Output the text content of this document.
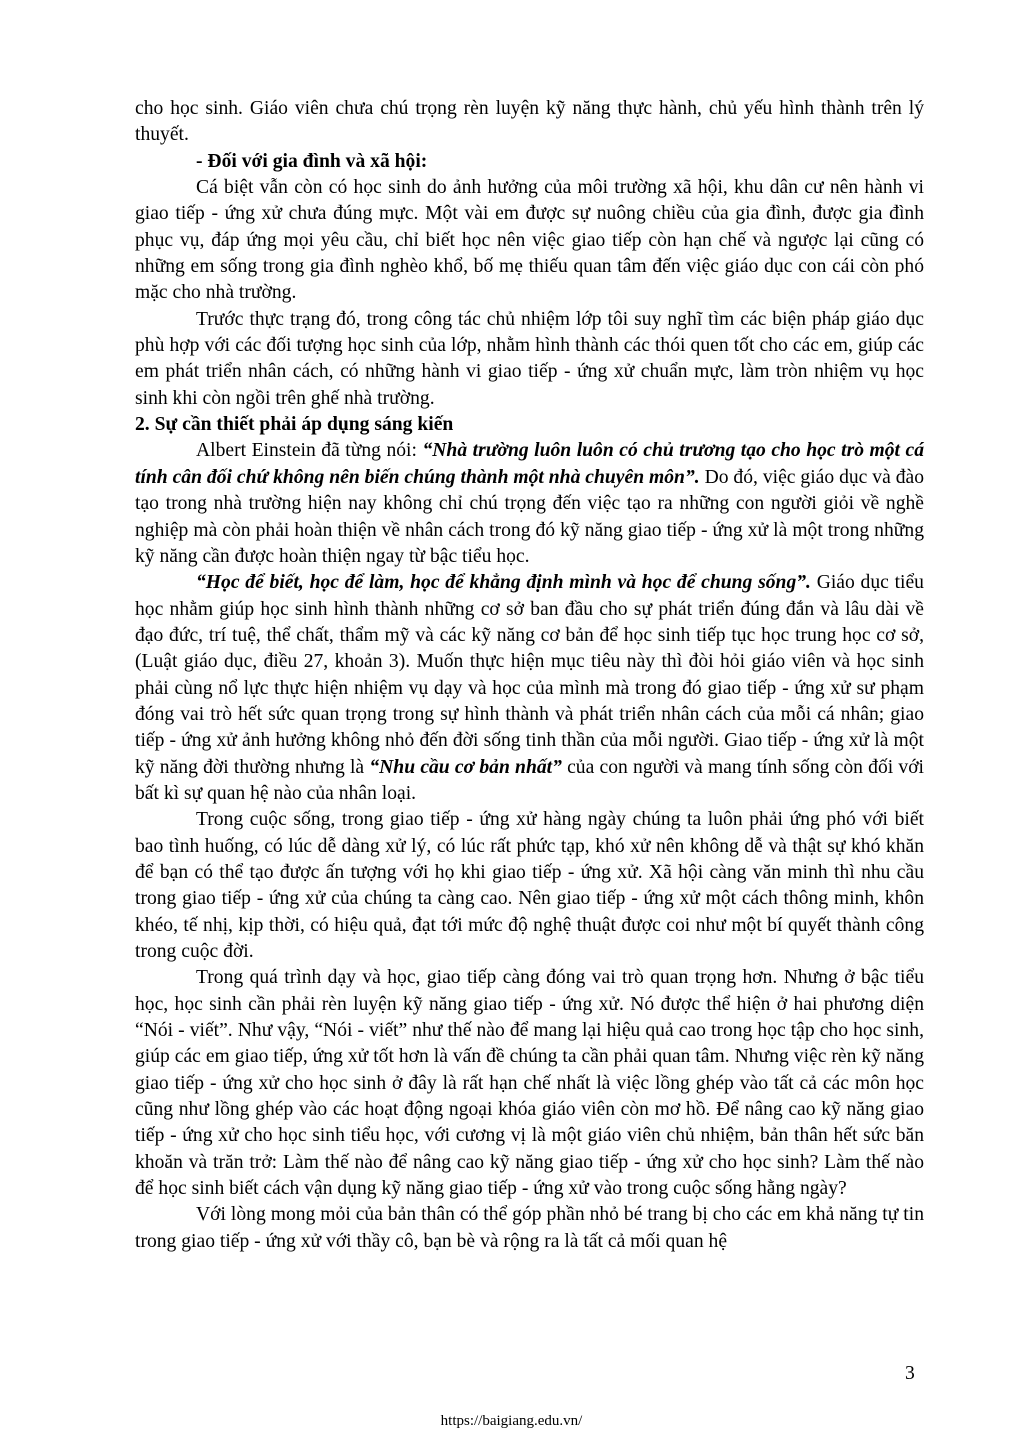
cho học sinh. Giáo viên chưa chú trọng rèn luyện kỹ năng thực hành, chủ yếu hình thành trên lý thuyết.

- Đối với gia đình và xã hội:

Cá biệt vẫn còn có học sinh do ảnh hưởng của môi trường xã hội, khu dân cư nên hành vi giao tiếp - ứng xử chưa đúng mực. Một vài em được sự nuông chiều của gia đình, được gia đình phục vụ, đáp ứng mọi yêu cầu, chỉ biết học nên việc giao tiếp còn hạn chế và ngược lại cũng có những em sống trong gia đình nghèo khổ, bố mẹ thiếu quan tâm đến việc giáo dục con cái còn phó mặc cho nhà trường.

Trước thực trạng đó, trong công tác chủ nhiệm lớp tôi suy nghĩ tìm các biện pháp giáo dục phù hợp với các đối tượng học sinh của lớp, nhằm hình thành các thói quen tốt cho các em, giúp các em phát triển nhân cách, có những hành vi giao tiếp - ứng xử chuẩn mực, làm tròn nhiệm vụ học sinh khi còn ngồi trên ghế nhà trường.

2. Sự cần thiết phải áp dụng sáng kiến

Albert Einstein đã từng nói: “Nhà trường luôn luôn có chủ trương tạo cho học trò một cá tính cân đối chứ không nên biến chúng thành một nhà chuyên môn”. Do đó, việc giáo dục và đào tạo trong nhà trường hiện nay không chỉ chú trọng đến việc tạo ra những con người giỏi về nghề nghiệp mà còn phải hoàn thiện về nhân cách trong đó kỹ năng giao tiếp - ứng xử là một trong những kỹ năng cần được hoàn thiện ngay từ bậc tiểu học.

“Học để biết, học để làm, học để khẳng định mình và học để chung sống”. Giáo dục tiểu học nhằm giúp học sinh hình thành những cơ sở ban đầu cho sự phát triển đúng đắn và lâu dài về đạo đức, trí tuệ, thể chất, thẩm mỹ và các kỹ năng cơ bản để học sinh tiếp tục học trung học cơ sở, (Luật giáo dục, điều 27, khoản 3). Muốn thực hiện mục tiêu này thì đòi hỏi giáo viên và học sinh phải cùng nổ lực thực hiện nhiệm vụ dạy và học của mình mà trong đó giao tiếp - ứng xử sư phạm đóng vai trò hết sức quan trọng trong sự hình thành và phát triển nhân cách của mỗi cá nhân; giao tiếp - ứng xử ảnh hưởng không nhỏ đến đời sống tinh thần của mỗi người. Giao tiếp - ứng xử là một kỹ năng đời thường nhưng là “Nhu cầu cơ bản nhất” của con người và mang tính sống còn đối với bất kì sự quan hệ nào của nhân loại.

Trong cuộc sống, trong giao tiếp - ứng xử hàng ngày chúng ta luôn phải ứng phó với biết bao tình huống, có lúc dễ dàng xử lý, có lúc rất phức tạp, khó xử nên không dễ và thật sự khó khăn để bạn có thể tạo được ấn tượng với họ khi giao tiếp - ứng xử. Xã hội càng văn minh thì nhu cầu trong giao tiếp - ứng xử của chúng ta càng cao. Nên giao tiếp - ứng xử một cách thông minh, khôn khéo, tế nhị, kịp thời, có hiệu quả, đạt tới mức độ nghệ thuật được coi như một bí quyết thành công trong cuộc đời.

Trong quá trình dạy và học, giao tiếp càng đóng vai trò quan trọng hơn. Nhưng ở bậc tiểu học, học sinh cần phải rèn luyện kỹ năng giao tiếp - ứng xử. Nó được thể hiện ở hai phương diện “Nói - viết”. Như vậy, “Nói - viết” như thế nào để mang lại hiệu quả cao trong học tập cho học sinh, giúp các em giao tiếp, ứng xử tốt hơn là vấn đề chúng ta cần phải quan tâm. Nhưng việc rèn kỹ năng giao tiếp - ứng xử cho học sinh ở đây là rất hạn chế nhất là việc lồng ghép vào tất cả các môn học cũng như lồng ghép vào các hoạt động ngoại khóa giáo viên còn mơ hồ. Để nâng cao kỹ năng giao tiếp - ứng xử cho học sinh tiểu học, với cương vị là một giáo viên chủ nhiệm, bản thân hết sức băn khoăn và trăn trở: Làm thế nào để nâng cao kỹ năng giao tiếp - ứng xử cho học sinh? Làm thế nào để học sinh biết cách vận dụng kỹ năng giao tiếp - ứng xử vào trong cuộc sống hằng ngày?

Với lòng mong mỏi của bản thân có thể góp phần nhỏ bé trang bị cho các em khả năng tự tin trong giao tiếp - ứng xử với thầy cô, bạn bè và rộng ra là tất cả mối quan hệ

3
https://baigiang.edu.vn/
